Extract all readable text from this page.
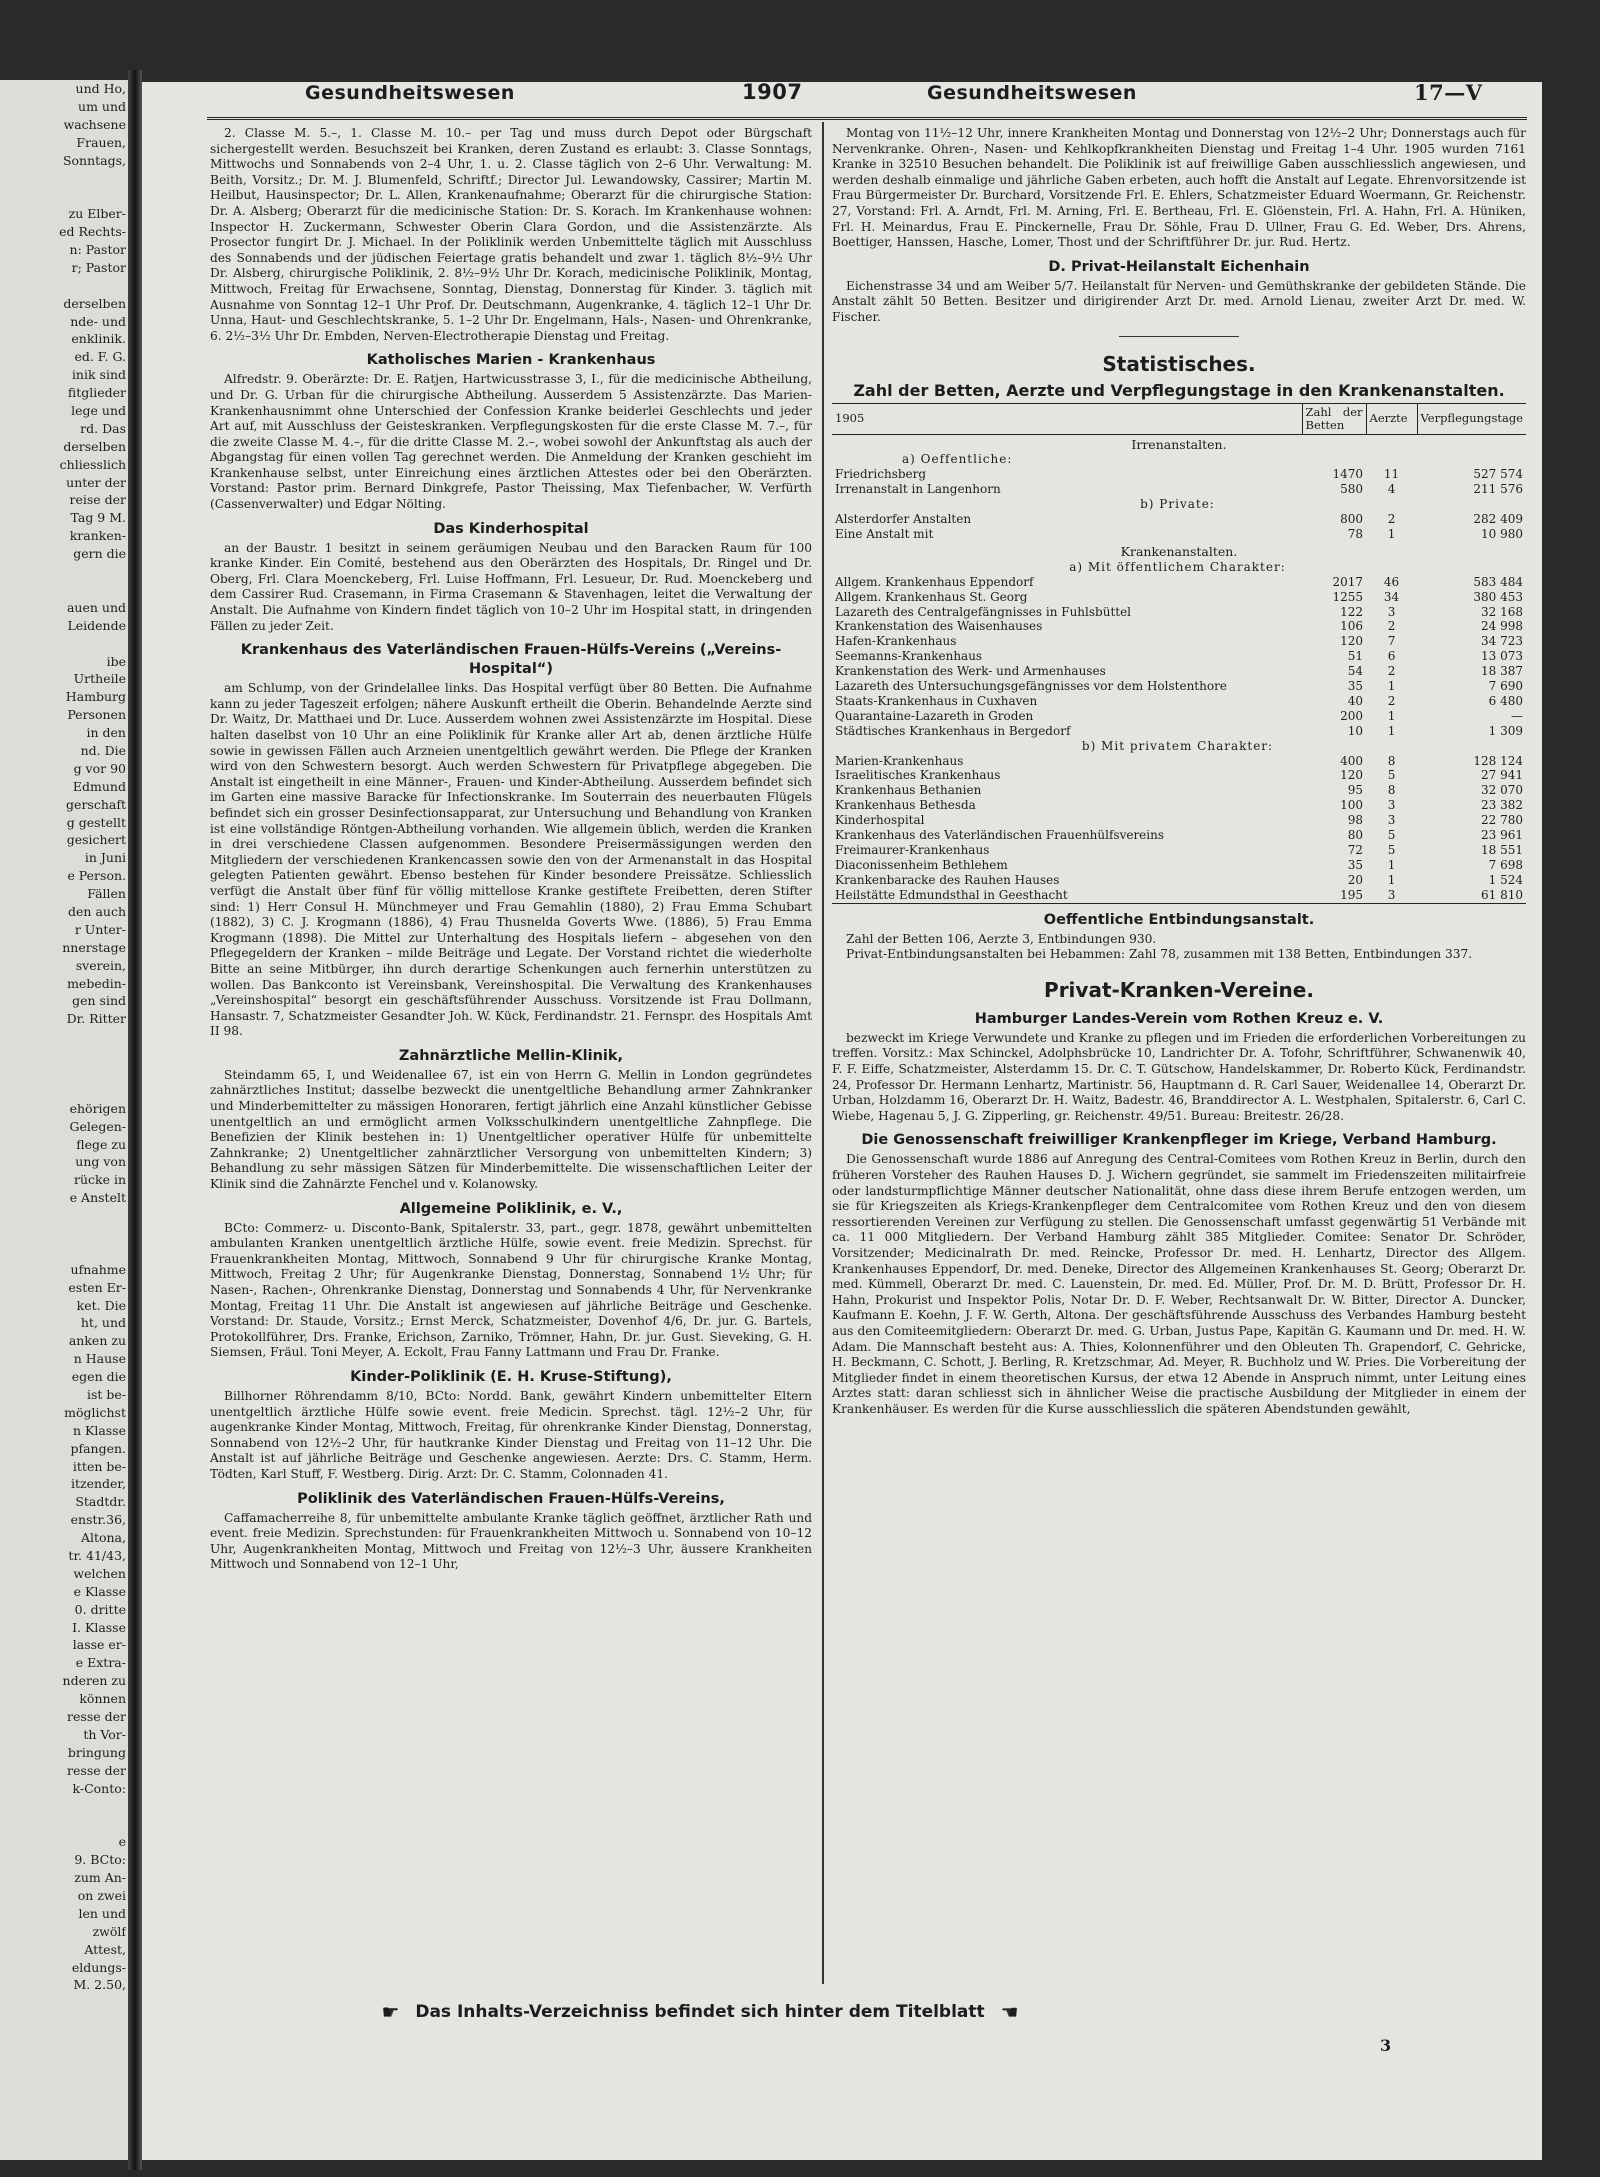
und Ho,
um und
wachsene
Frauen,
Sonntags,
zu Elber-
ed Rechts-
n: Pastor
r; Pastor
derselben
nde- und
enklinik.
ed. F. G.
inik sind
fitglieder
lege und
rd. Das
derselben
chliesslich
unter der
reise der
Tag 9 M.
kranken-
gern die
auen und
Leidende
ibe
Urtheile
Hamburg
Personen
in den
nd. Die
g vor 90
Edmund
gerschaft
g gestellt
gesichert
in Juni
e Person.
Fällen
den auch
r Unter-
nnerstage
sverein,
mebedin-
gen sind
Dr. Ritter
ehörigen
Gelegen-
flege zu
ung von
rücke in
e Anstelt
ufnahme
esten Er-
ket. Die
ht, und
anken zu
n Hause
egen die
ist be-
möglichst
n Klasse
pfangen.
itten be-
itzender,
Stadtdr.
enstr.36,
Altona,
tr. 41/43,
welchen
e Klasse
0. dritte
I. Klasse
lasse er-
e Extra-
nderen zu
können
resse der
th Vor-
bringung
resse der
k-Conto:
e
9. BCto:
zum An-
on zwei
len und
zwölf
Attest,
eldungs-
M. 2.50,
Gesundheitswesen	1907	Gesundheitswesen	17—V
2. Classe M. 5.–, 1. Classe M. 10.– per Tag und muss durch Depot oder Bürgschaft sichergestellt werden. Besuchszeit bei Kranken, deren Zustand es erlaubt: 3. Classe Sonntags, Mittwochs und Sonnabends von 2–4 Uhr, 1. u. 2. Classe täglich von 2–6 Uhr. Verwaltung: M. Beith, Vorsitz.; Dr. M. J. Blumenfeld, Schriftf.; Director Jul. Lewandowsky, Cassirer; Martin M. Heilbut, Hausinspector; Dr. L. Allen, Krankenaufnahme; Oberarzt für die chirurgische Station: Dr. A. Alsberg; Oberarzt für die medicinische Station: Dr. S. Korach. Im Krankenhause wohnen: Inspector H. Zuckermann, Schwester Oberin Clara Gordon, und die Assistenzärzte. Als Prosector fungirt Dr. J. Michael. In der Poliklinik werden Unbemittelte täglich mit Ausschluss des Sonnabends und der jüdischen Feiertage gratis behandelt und zwar 1. täglich 8½–9½ Uhr Dr. Alsberg, chirurgische Poliklinik, 2. 8½–9½ Uhr Dr. Korach, medicinische Poliklinik, Montag, Mittwoch, Freitag für Erwachsene, Sonntag, Dienstag, Donnerstag für Kinder. 3. täglich mit Ausnahme von Sonntag 12–1 Uhr Prof. Dr. Deutschmann, Augenkranke, 4. täglich 12–1 Uhr Dr. Unna, Haut- und Geschlechtskranke, 5. 1–2 Uhr Dr. Engelmann, Hals-, Nasen- und Ohrenkranke, 6. 2½–3½ Uhr Dr. Embden, Nerven-Electrotherapie Dienstag und Freitag.
Katholisches Marien - Krankenhaus
Alfredstr. 9. Oberärzte: Dr. E. Ratjen, Hartwicusstrasse 3, I., für die medicinische Abtheilung, und Dr. G. Urban für die chirurgische Abtheilung. Ausserdem 5 Assistenzärzte. Das Marien-Krankenhausnimmt ohne Unterschied der Confession Kranke beiderlei Geschlechts und jeder Art auf, mit Ausschluss der Geisteskranken. Verpflegungskosten für die erste Classe M. 7.–, für die zweite Classe M. 4.–, für die dritte Classe M. 2.–, wobei sowohl der Ankunftstag als auch der Abgangstag für einen vollen Tag gerechnet werden. Die Anmeldung der Kranken geschieht im Krankenhause selbst, unter Einreichung eines ärztlichen Attestes oder bei den Oberärzten. Vorstand: Pastor prim. Bernard Dinkgrefe, Pastor Theissing, Max Tiefenbacher, W. Verfürth (Cassenverwalter) und Edgar Nölting.
Das Kinderhospital
an der Baustr. 1 besitzt in seinem geräumigen Neubau und den Baracken Raum für 100 kranke Kinder. Ein Comité, bestehend aus den Oberärzten des Hospitals, Dr. Ringel und Dr. Oberg, Frl. Clara Moenckeberg, Frl. Luise Hoffmann, Frl. Lesueur, Dr. Rud. Moenckeberg und dem Cassirer Rud. Crasemann, in Firma Crasemann & Stavenhagen, leitet die Verwaltung der Anstalt. Die Aufnahme von Kindern findet täglich von 10–2 Uhr im Hospital statt, in dringenden Fällen zu jeder Zeit.
Krankenhaus des Vaterländischen Frauen-Hülfs-Vereins („Vereins-Hospital“)
am Schlump, von der Grindelallee links. Das Hospital verfügt über 80 Betten. Die Aufnahme kann zu jeder Tageszeit erfolgen; nähere Auskunft ertheilt die Oberin. Behandelnde Aerzte sind Dr. Waitz, Dr. Matthaei und Dr. Luce. Ausserdem wohnen zwei Assistenzärzte im Hospital. Diese halten daselbst von 10 Uhr an eine Poliklinik für Kranke aller Art ab, denen ärztliche Hülfe sowie in gewissen Fällen auch Arzneien unentgeltlich gewährt werden. Die Pflege der Kranken wird von den Schwestern besorgt. Auch werden Schwestern für Privatpflege abgegeben. Die Anstalt ist eingetheilt in eine Männer-, Frauen- und Kinder-Abtheilung. Ausserdem befindet sich im Garten eine massive Baracke für Infectionskranke. Im Souterrain des neuerbauten Flügels befindet sich ein grosser Desinfectionsapparat, zur Untersuchung und Behandlung von Kranken ist eine vollständige Röntgen-Abtheilung vorhanden. Wie allgemein üblich, werden die Kranken in drei verschiedene Classen aufgenommen. Besondere Preisermässigungen werden den Mitgliedern der verschiedenen Krankencassen sowie den von der Armenanstalt in das Hospital gelegten Patienten gewährt. Ebenso bestehen für Kinder besondere Preissätze. Schliesslich verfügt die Anstalt über fünf für völlig mittellose Kranke gestiftete Freibetten, deren Stifter sind: 1) Herr Consul H. Münchmeyer und Frau Gemahlin (1880), 2) Frau Emma Schubart (1882), 3) C. J. Krogmann (1886), 4) Frau Thusnelda Goverts Wwe. (1886), 5) Frau Emma Krogmann (1898). Die Mittel zur Unterhaltung des Hospitals liefern – abgesehen von den Pflegegeldern der Kranken – milde Beiträge und Legate. Der Vorstand richtet die wiederholte Bitte an seine Mitbürger, ihn durch derartige Schenkungen auch fernerhin unterstützen zu wollen. Das Bankconto ist Vereinsbank, Vereinshospital. Die Verwaltung des Krankenhauses „Vereinshospital“ besorgt ein geschäftsführender Ausschuss. Vorsitzende ist Frau Dollmann, Hansastr. 7, Schatzmeister Gesandter Joh. W. Kück, Ferdinandstr. 21. Fernspr. des Hospitals Amt II 98.
Zahnärztliche Mellin-Klinik,
Steindamm 65, I, und Weidenallee 67, ist ein von Herrn G. Mellin in London gegründetes zahnärztliches Institut; dasselbe bezweckt die unentgeltliche Behandlung armer Zahnkranker und Minderbemittelter zu mässigen Honoraren, fertigt jährlich eine Anzahl künstlicher Gebisse unentgeltlich an und ermöglicht armen Volksschulkindern unentgeltliche Zahnpflege. Die Benefizien der Klinik bestehen in: 1) Unentgeltlicher operativer Hülfe für unbemittelte Zahnkranke; 2) Unentgeltlicher zahnärztlicher Versorgung von unbemittelten Kindern; 3) Behandlung zu sehr mässigen Sätzen für Minderbemittelte. Die wissenschaftlichen Leiter der Klinik sind die Zahnärzte Fenchel und v. Kolanowsky.
Allgemeine Poliklinik, e. V.,
BCto: Commerz- u. Disconto-Bank, Spitalerstr. 33, part., gegr. 1878, gewährt unbemittelten ambulanten Kranken unentgeltlich ärztliche Hülfe, sowie event. freie Medizin. Sprechst. für Frauenkrankheiten Montag, Mittwoch, Sonnabend 9 Uhr für chirurgische Kranke Montag, Mittwoch, Freitag 2 Uhr; für Augenkranke Dienstag, Donnerstag, Sonnabend 1½ Uhr; für Nasen-, Rachen-, Ohrenkranke Dienstag, Donnerstag und Sonnabends 4 Uhr, für Nervenkranke Montag, Freitag 11 Uhr. Die Anstalt ist angewiesen auf jährliche Beiträge und Geschenke. Vorstand: Dr. Staude, Vorsitz.; Ernst Merck, Schatzmeister, Dovenhof 4/6, Dr. jur. G. Bartels, Protokollführer, Drs. Franke, Erichson, Zarniko, Trömner, Hahn, Dr. jur. Gust. Sieveking, G. H. Siemsen, Fräul. Toni Meyer, A. Eckolt, Frau Fanny Lattmann und Frau Dr. Franke.
Kinder-Poliklinik (E. H. Kruse-Stiftung),
Billhorner Röhrendamm 8/10, BCto: Nordd. Bank, gewährt Kindern unbemittelter Eltern unentgeltlich ärztliche Hülfe sowie event. freie Medicin. Sprechst. tägl. 12½–2 Uhr, für augenkranke Kinder Montag, Mittwoch, Freitag, für ohrenkranke Kinder Dienstag, Donnerstag, Sonnabend von 12½–2 Uhr, für hautkranke Kinder Dienstag und Freitag von 11–12 Uhr. Die Anstalt ist auf jährliche Beiträge und Geschenke angewiesen. Aerzte: Drs. C. Stamm, Herm. Tödten, Karl Stuff, F. Westberg. Dirig. Arzt: Dr. C. Stamm, Colonnaden 41.
Poliklinik des Vaterländischen Frauen-Hülfs-Vereins,
Caffamacherreihe 8, für unbemittelte ambulante Kranke täglich geöffnet, ärztlicher Rath und event. freie Medizin. Sprechstunden: für Frauenkrankheiten Mittwoch u. Sonnabend von 10–12 Uhr, Augenkrankheiten Montag, Mittwoch und Freitag von 12½–3 Uhr, äussere Krankheiten Mittwoch und Sonnabend von 12–1 Uhr,
Montag von 11½–12 Uhr, innere Krankheiten Montag und Donnerstag von 12½–2 Uhr; Donnerstags auch für Nervenkranke. Ohren-, Nasen- und Kehlkopfkrankheiten Dienstag und Freitag 1–4 Uhr. 1905 wurden 7161 Kranke in 32510 Besuchen behandelt. Die Poliklinik ist auf freiwillige Gaben ausschliesslich angewiesen, und werden deshalb einmalige und jährliche Gaben erbeten, auch hofft die Anstalt auf Legate. Ehrenvorsitzende ist Frau Bürgermeister Dr. Burchard, Vorsitzende Frl. E. Ehlers, Schatzmeister Eduard Woermann, Gr. Reichenstr. 27, Vorstand: Frl. A. Arndt, Frl. M. Arning, Frl. E. Bertheau, Frl. E. Glöenstein, Frl. A. Hahn, Frl. A. Hüniken, Frl. H. Meinardus, Frau E. Pinckernelle, Frau Dr. Söhle, Frau D. Ullner, Frau G. Ed. Weber, Drs. Ahrens, Boettiger, Hanssen, Hasche, Lomer, Thost und der Schriftführer Dr. jur. Rud. Hertz.
D. Privat-Heilanstalt Eichenhain
Eichenstrasse 34 und am Weiber 5/7. Heilanstalt für Nerven- und Gemüthskranke der gebildeten Stände. Die Anstalt zählt 50 Betten. Besitzer und dirigirender Arzt Dr. med. Arnold Lienau, zweiter Arzt Dr. med. W. Fischer.
Statistisches.
Zahl der Betten, Aerzte und Verpflegungstage in den Krankenanstalten.
1905	Zahl der Betten	Aerzte	Verpflegungstage
Irrenanstalten.			
a) Oeffentliche:			
Friedrichsberg	1470	11	527 574
Irrenanstalt in Langenhorn	580	4	211 576
b) Private:			
Alsterdorfer Anstalten	800	2	282 409
Eine Anstalt mit	78	1	10 980
Krankenanstalten.			
a) Mit öffentlichem Charakter:			
Allgem. Krankenhaus Eppendorf	2017	46	583 484
Allgem. Krankenhaus St. Georg	1255	34	380 453
Lazareth des Centralgefängnisses in Fuhlsbüttel	122	3	32 168
Krankenstation des Waisenhauses	106	2	24 998
Hafen-Krankenhaus	120	7	34 723
Seemanns-Krankenhaus	51	6	13 073
Krankenstation des Werk- und Armenhauses	54	2	18 387
Lazareth des Untersuchungsgefängnisses vor dem Holstenthore	35	1	7 690
Staats-Krankenhaus in Cuxhaven	40	2	6 480
Quarantaine-Lazareth in Groden	200	1	—
Städtisches Krankenhaus in Bergedorf	10	1	1 309
b) Mit privatem Charakter:			
Marien-Krankenhaus	400	8	128 124
Israelitisches Krankenhaus	120	5	27 941
Krankenhaus Bethanien	95	8	32 070
Krankenhaus Bethesda	100	3	23 382
Kinderhospital	98	3	22 780
Krankenhaus des Vaterländischen Frauenhülfsvereins	80	5	23 961
Freimaurer-Krankenhaus	72	5	18 551
Diaconissenheim Bethlehem	35	1	7 698
Krankenbaracke des Rauhen Hauses	20	1	1 524
Heilstätte Edmundsthal in Geesthacht	195	3	61 810
Oeffentliche Entbindungsanstalt.
Zahl der Betten 106, Aerzte 3, Entbindungen 930.
Privat-Entbindungsanstalten bei Hebammen: Zahl 78, zusammen mit 138 Betten, Entbindungen 337.
Privat-Kranken-Vereine.
Hamburger Landes-Verein vom Rothen Kreuz e. V.
bezweckt im Kriege Verwundete und Kranke zu pflegen und im Frieden die erforderlichen Vorbereitungen zu treffen. Vorsitz.: Max Schinckel, Adolphsbrücke 10, Landrichter Dr. A. Tofohr, Schriftführer, Schwanenwik 40, F. F. Eiffe, Schatzmeister, Alsterdamm 15. Dr. C. T. Gütschow, Handelskammer, Dr. Roberto Kück, Ferdinandstr. 24, Professor Dr. Hermann Lenhartz, Martinistr. 56, Hauptmann d. R. Carl Sauer, Weidenallee 14, Oberarzt Dr. Urban, Holzdamm 16, Oberarzt Dr. H. Waitz, Badestr. 46, Branddirector A. L. Westphalen, Spitalerstr. 6, Carl C. Wiebe, Hagenau 5, J. G. Zipperling, gr. Reichenstr. 49/51. Bureau: Breitestr. 26/28.
Die Genossenschaft freiwilliger Krankenpfleger im Kriege, Verband Hamburg.
Die Genossenschaft wurde 1886 auf Anregung des Central-Comitees vom Rothen Kreuz in Berlin, durch den früheren Vorsteher des Rauhen Hauses D. J. Wichern gegründet, sie sammelt im Friedenszeiten militairfreie oder landsturmpflichtige Männer deutscher Nationalität, ohne dass diese ihrem Berufe entzogen werden, um sie für Kriegszeiten als Kriegs-Krankenpfleger dem Centralcomitee vom Rothen Kreuz und den von diesem ressortierenden Vereinen zur Verfügung zu stellen. Die Genossenschaft umfasst gegenwärtig 51 Verbände mit ca. 11 000 Mitgliedern. Der Verband Hamburg zählt 385 Mitglieder. Comitee: Senator Dr. Schröder, Vorsitzender; Medicinalrath Dr. med. Reincke, Professor Dr. med. H. Lenhartz, Director des Allgem. Krankenhauses Eppendorf, Dr. med. Deneke, Director des Allgemeinen Krankenhauses St. Georg; Oberarzt Dr. med. Kümmell, Oberarzt Dr. med. C. Lauenstein, Dr. med. Ed. Müller, Prof. Dr. M. D. Brütt, Professor Dr. H. Hahn, Prokurist und Inspektor Polis, Notar Dr. D. F. Weber, Rechtsanwalt Dr. W. Bitter, Director A. Duncker, Kaufmann E. Koehn, J. F. W. Gerth, Altona. Der geschäftsführende Ausschuss des Verbandes Hamburg besteht aus den Comiteemitgliedern: Oberarzt Dr. med. G. Urban, Justus Pape, Kapitän G. Kaumann und Dr. med. H. W. Adam. Die Mannschaft besteht aus: A. Thies, Kolonnenführer und den Obleuten Th. Grapendorf, C. Gehricke, H. Beckmann, C. Schott, J. Berling, R. Kretzschmar, Ad. Meyer, R. Buchholz und W. Pries. Die Vorbereitung der Mitglieder findet in einem theoretischen Kursus, der etwa 12 Abende in Anspruch nimmt, unter Leitung eines Arztes statt: daran schliesst sich in ähnlicher Weise die practische Ausbildung der Mitglieder in einem der Krankenhäuser. Es werden für die Kurse ausschliesslich die späteren Abendstunden gewählt,
☛ Das Inhalts-Verzeichniss befindet sich hinter dem Titelblatt ☚
3
